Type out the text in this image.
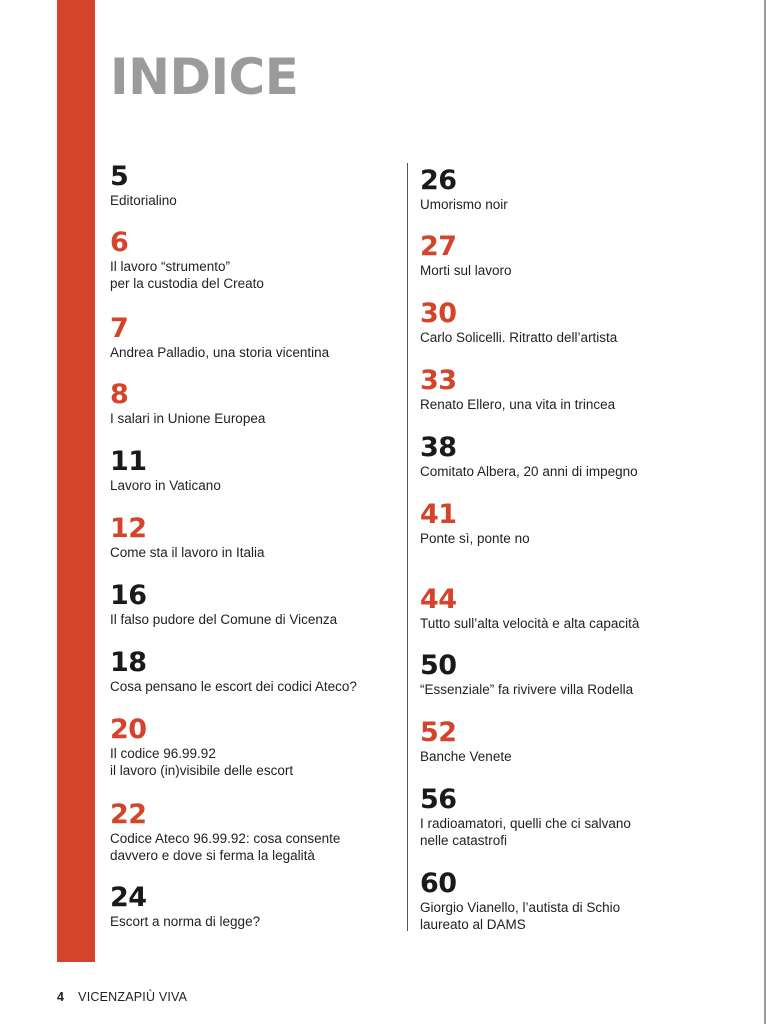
INDICE
5
Editorialino
6
Il lavoro “strumento”
per la custodia del Creato
7
Andrea Palladio, una storia vicentina
8
I salari in Unione Europea
11
Lavoro in Vaticano
12
Come sta il lavoro in Italia
16
Il falso pudore del Comune di Vicenza
18
Cosa pensano le escort dei codici Ateco?
20
Il codice 96.99.92
il lavoro (in)visibile delle escort
22
Codice Ateco 96.99.92: cosa consente
davvero e dove si ferma la legalità
24
Escort a norma di legge?
26
Umorismo noir
27
Morti sul lavoro
30
Carlo Solicelli. Ritratto dell’artista
33
Renato Ellero, una vita in trincea
38
Comitato Albera, 20 anni di impegno
41
Ponte sì, ponte no
44
Tutto sull’alta velocità e alta capacità
50
“Essenziale” fa rivivere villa Rodella
52
Banche Venete
56
I radioamatori, quelli che ci salvano
nelle catastrofi
60
Giorgio Vianello, l’autista di Schio
laureato al DAMS
4 VICENZAPIÙ VIVA
